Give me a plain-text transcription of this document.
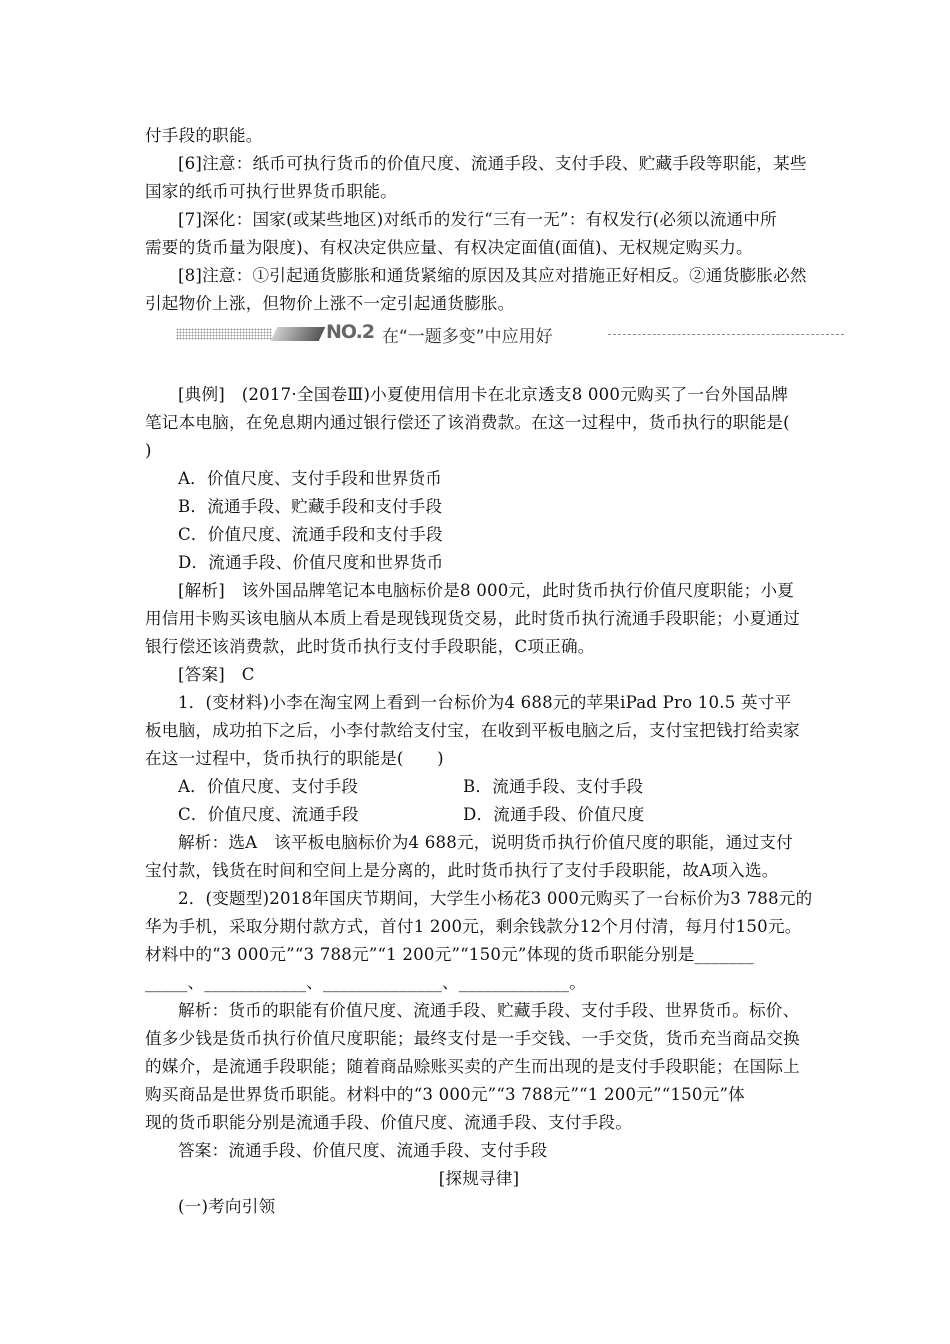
付手段的职能。

[6]注意：纸币可执行货币的价值尺度、流通手段、支付手段、贮藏手段等职能，某些

国家的纸币可执行世界货币职能。

[7]深化：国家(或某些地区)对纸币的发行“三有一无”：有权发行(必须以流通中所

需要的货币量为限度)、有权决定供应量、有权决定面值(面值)、无权规定购买力。

[8]注意：①引起通货膨胀和通货紧缩的原因及其应对措施正好相反。②通货膨胀必然

引起物价上涨，但物价上涨不一定引起通货膨胀。

NO.2 在“一题多变”中应用好

[典例]　(2017·全国卷Ⅲ)小夏使用信用卡在北京透支8 000元购买了一台外国品牌

笔记本电脑，在免息期内通过银行偿还了该消费款。在这一过程中，货币执行的职能是(

)

A．价值尺度、支付手段和世界货币

B．流通手段、贮藏手段和支付手段

C．价值尺度、流通手段和支付手段

D．流通手段、价值尺度和世界货币

[解析]　该外国品牌笔记本电脑标价是8 000元，此时货币执行价值尺度职能；小夏

用信用卡购买该电脑从本质上看是现钱现货交易，此时货币执行流通手段职能；小夏通过

银行偿还该消费款，此时货币执行支付手段职能，C项正确。

[答案]　C

1．(变材料)小李在淘宝网上看到一台标价为4 688元的苹果iPad Pro 10.5 英寸平

板电脑，成功拍下之后，小李付款给支付宝，在收到平板电脑之后，支付宝把钱打给卖家

在这一过程中，货币执行的职能是(　　)

A．价值尺度、支付手段	B．流通手段、支付手段
C．价值尺度、流通手段	D．流通手段、价值尺度

解析：选A　该平板电脑标价为4 688元，说明货币执行价值尺度的职能，通过支付

宝付款，钱货在时间和空间上是分离的，此时货币执行了支付手段职能，故A项入选。

2．(变题型)2018年国庆节期间，大学生小杨花3 000元购买了一台标价为3 788元的

华为手机，采取分期付款方式，首付1 200元，剩余钱款分12个月付清，每月付150元。

材料中的“3 000元”“3 788元”“1 200元”“150元”体现的货币职能分别是_______

_____、____________、______________、_____________。

解析：货币的职能有价值尺度、流通手段、贮藏手段、支付手段、世界货币。标价、

值多少钱是货币执行价值尺度职能；最终支付是一手交钱、一手交货，货币充当商品交换

的媒介，是流通手段职能；随着商品赊账买卖的产生而出现的是支付手段职能；在国际上

购买商品是世界货币职能。材料中的“3 000元”“3 788元”“1 200元”“150元”体

现的货币职能分别是流通手段、价值尺度、流通手段、支付手段。

答案：流通手段、价值尺度、流通手段、支付手段

[探规寻律]

(一)考向引领
